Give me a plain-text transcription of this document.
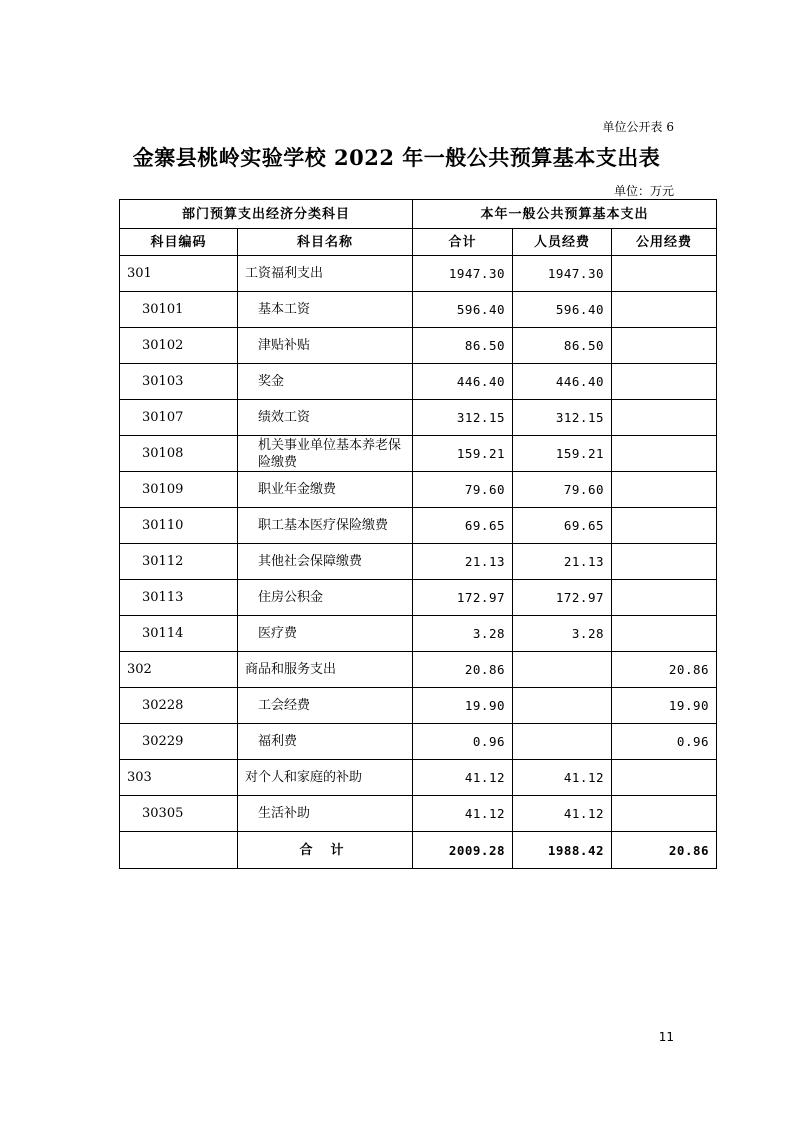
单位公开表 6
金寨县桃岭实验学校 2022 年一般公共预算基本支出表
单位：万元
部门预算支出经济分类科目		本年一般公共预算基本支出		
科目编码	科目名称	合计	人员经费	公用经费
301	工资福利支出	1947.30	1947.30	
30101	基本工资	596.40	596.40	
30102	津贴补贴	86.50	86.50	
30103	奖金	446.40	446.40	
30107	绩效工资	312.15	312.15	
30108	机关事业单位基本养老保险缴费	159.21	159.21	
30109	职业年金缴费	79.60	79.60	
30110	职工基本医疗保险缴费	69.65	69.65	
30112	其他社会保障缴费	21.13	21.13	
30113	住房公积金	172.97	172.97	
30114	医疗费	3.28	3.28	
302	商品和服务支出	20.86		20.86
30228	工会经费	19.90		19.90
30229	福利费	0.96		0.96
303	对个人和家庭的补助	41.12	41.12	
30305	生活补助	41.12	41.12	
	合计	2009.28	1988.42	20.86
11
